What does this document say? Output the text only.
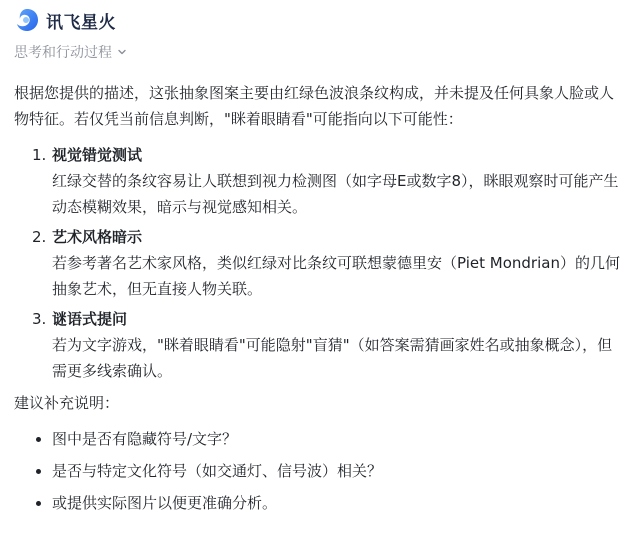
讯飞星火
思考和行动过程

根据您提供的描述，这张抽象图案主要由红绿色波浪条纹构成，并未提及任何具象人脸或人物特征。若仅凭当前信息判断，"眯着眼睛看"可能指向以下可能性：

1. 视觉错觉测试
红绿交替的条纹容易让人联想到视力检测图（如字母E或数字8），眯眼观察时可能产生动态模糊效果，暗示与视觉感知相关。
2. 艺术风格暗示
若参考著名艺术家风格，类似红绿对比条纹可联想蒙德里安（Piet Mondrian）的几何抽象艺术，但无直接人物关联。
3. 谜语式提问
若为文字游戏，"眯着眼睛看"可能隐射"盲猜"（如答案需猜画家姓名或抽象概念），但需更多线索确认。

建议补充说明：

图中是否有隐藏符号/文字？
是否与特定文化符号（如交通灯、信号波）相关？
或提供实际图片以便更准确分析。
